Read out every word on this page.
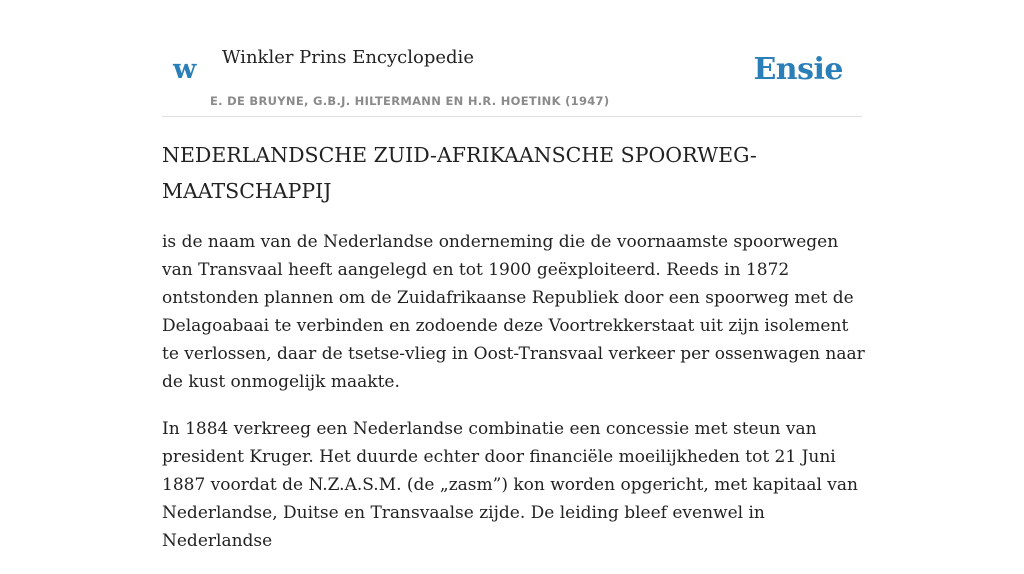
w Winkler Prins Encyclopedie
E. DE BRUYNE, G.B.J. HILTERMANN EN H.R. HOETINK (1947)
Ensie
NEDERLANDSCHE ZUID-AFRIKAANSCHE SPOORWEG-MAATSCHAPPIJ

is de naam van de Nederlandse onderneming die de voornaamste spoorwegen van Transvaal heeft aangelegd en tot 1900 geëxploiteerd. Reeds in 1872 ontstonden plannen om de Zuidafrikaanse Republiek door een spoorweg met de Delagoabaai te verbinden en zodoende deze Voortrekkerstaat uit zijn isolement te verlossen, daar de tsetse-vlieg in Oost-Transvaal verkeer per ossenwagen naar de kust onmogelijk maakte.

In 1884 verkreeg een Nederlandse combinatie een concessie met steun van president Kruger. Het duurde echter door financiële moeilijkheden tot 21 Juni 1887 voordat de N.Z.A.S.M. (de „zasm”) kon worden opgericht, met kapitaal van Nederlandse, Duitse en Transvaalse zijde. De leiding bleef evenwel in Nederlandse
